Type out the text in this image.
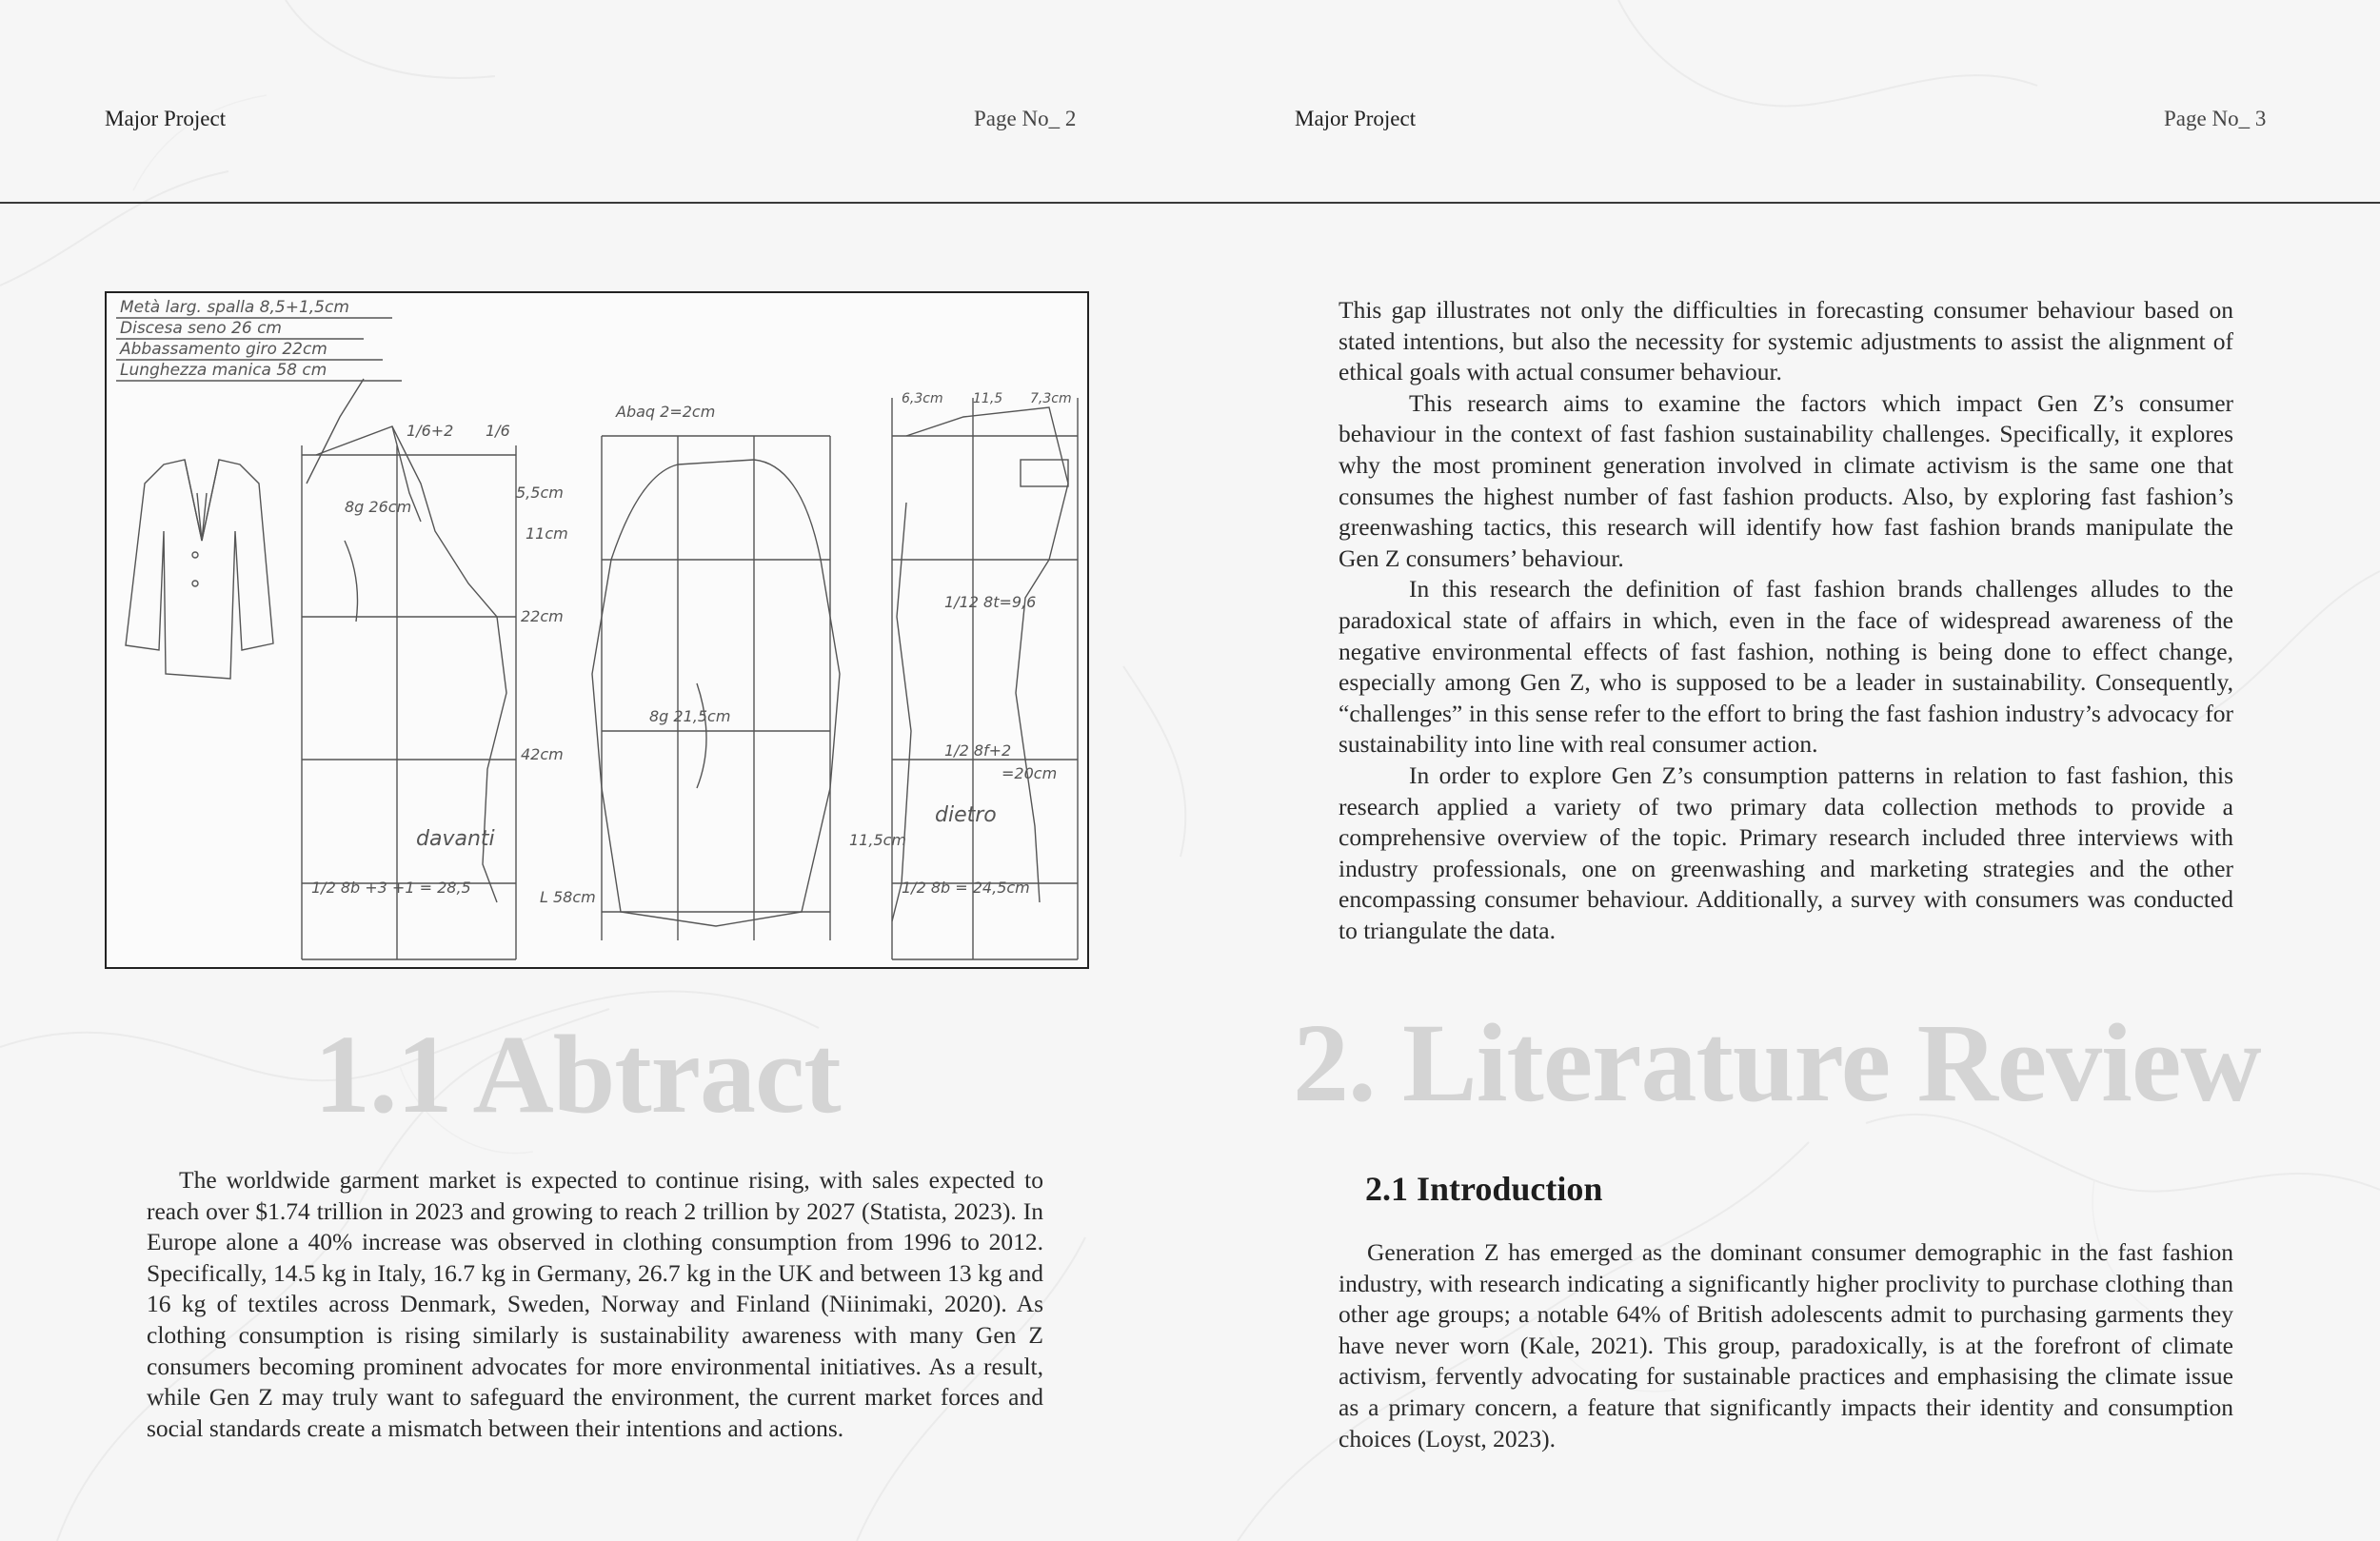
Major Project	Page No_ 2
Metà larg. spalla 8,5+1,5cm
Discesa seno 26 cm
Abbassamento giro 22cm
Lunghezza manica 58 cm
davanti
dietro
8g 26cm
8g 21,5cm
1/6+2 1/6
5,5cm
11cm
22cm
42cm
1/2 8b +3 +1 = 28,5	1/2 8b = 24,5cm
L 58cm
6,3cm 11,5 7,3cm
1/2 8f+2
=20cm
11,5cm
1/12 8t=9,6
Abaq 2=2cm
1.1 Abtract

The worldwide garment market is expected to continue rising, with sales expected to reach over $1.74 trillion in 2023 and growing to reach 2 trillion by 2027 (Statista, 2023). In Europe alone a 40% increase was observed in clothing consumption from 1996 to 2012. Specifically, 14.5 kg in Italy, 16.7 kg in Germany, 26.7 kg in the UK and between 13 kg and 16 kg of textiles across Denmark, Sweden, Norway and Finland (Niinimaki, 2020). As clothing consumption is rising similarly is sustainability awareness with many Gen Z consumers becoming prominent advocates for more environmental initiatives. As a result, while Gen Z may truly want to safeguard the environment, the current market forces and social standards create a mismatch between their intentions and actions.

Major Project	Page No_ 3

This gap illustrates not only the difficulties in forecasting consumer behaviour based on stated intentions, but also the necessity for systemic adjustments to assist the alignment of ethical goals with actual consumer behaviour.

This research aims to examine the factors which impact Gen Z’s consumer behaviour in the context of fast fashion sustainability challenges. Specifically, it explores why the most prominent generation involved in climate activism is the same one that consumes the highest number of fast fashion products. Also, by exploring fast fashion’s greenwashing tactics, this research will identify how fast fashion brands manipulate the Gen Z consumers’ behaviour.

In this research the definition of fast fashion brands challenges alludes to the paradoxical state of affairs in which, even in the face of widespread awareness of the negative environmental effects of fast fashion, nothing is being done to effect change, especially among Gen Z, who is supposed to be a leader in sustainability. Consequently, “challenges” in this sense refer to the effort to bring the fast fashion industry’s advocacy for sustainability into line with real consumer action.

In order to explore Gen Z’s consumption patterns in relation to fast fashion, this research applied a variety of two primary data collection methods to provide a comprehensive overview of the topic. Primary research included three interviews with industry professionals, one on greenwashing and marketing strategies and the other encompassing consumer behaviour. Additionally, a survey with consumers was conducted to triangulate the data.

2. Literature Review
2.1 Introduction

Generation Z has emerged as the dominant consumer demographic in the fast fashion industry, with research indicating a significantly higher proclivity to purchase clothing than other age groups; a notable 64% of British adolescents admit to purchasing garments they have never worn (Kale, 2021). This group, paradoxically, is at the forefront of climate activism, fervently advocating for sustainable practices and emphasising the climate issue as a primary concern, a feature that significantly impacts their identity and consumption choices (Loyst, 2023).
